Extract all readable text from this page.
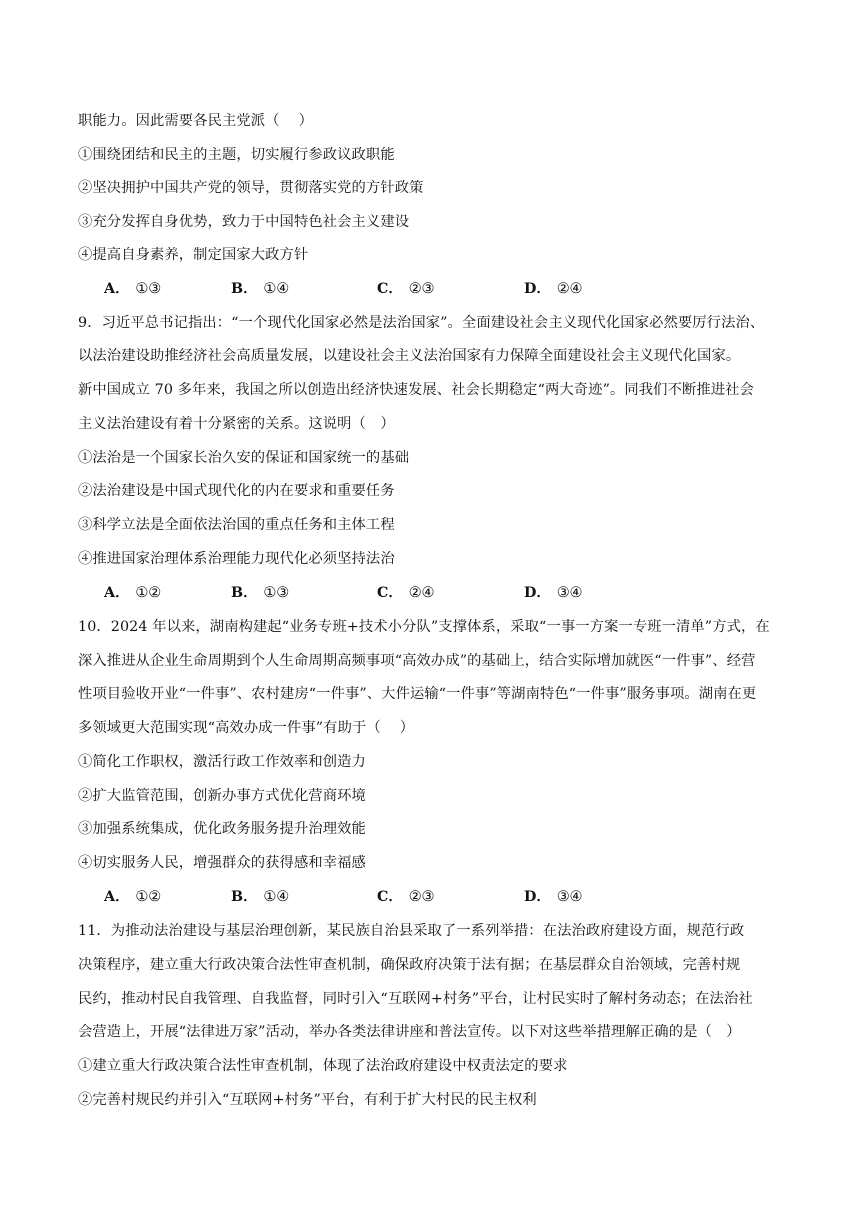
职能力。因此需要各民主党派（　 ）
①围绕团结和民主的主题，切实履行参政议政职能
②坚决拥护中国共产党的领导，贯彻落实党的方针政策
③充分发挥自身优势，致力于中国特色社会主义建设
④提高自身素养，制定国家大政方针
A． ①③	B． ①④	C． ②③	D． ②④
9．习近平总书记指出：“一个现代化国家必然是法治国家”。全面建设社会主义现代化国家必然要厉行法治、
以法治建设助推经济社会高质量发展，以建设社会主义法治国家有力保障全面建设社会主义现代化国家。
新中国成立 70 多年来，我国之所以创造出经济快速发展、社会长期稳定“两大奇迹”。同我们不断推进社会
主义法治建设有着十分紧密的关系。这说明（　）
①法治是一个国家长治久安的保证和国家统一的基础
②法治建设是中国式现代化的内在要求和重要任务
③科学立法是全面依法治国的重点任务和主体工程
④推进国家治理体系治理能力现代化必须坚持法治
A． ①②	B． ①③	C． ②④	D． ③④
10．2024 年以来，湖南构建起“业务专班+技术小分队”支撑体系，采取“一事一方案一专班一清单”方式，在
深入推进从企业生命周期到个人生命周期高频事项“高效办成”的基础上，结合实际增加就医“一件事”、经营
性项目验收开业“一件事”、农村建房“一件事”、大件运输“一件事”等湖南特色“一件事”服务事项。湖南在更
多领域更大范围实现“高效办成一件事”有助于（　 ）
①简化工作职权，激活行政工作效率和创造力
②扩大监管范围，创新办事方式优化营商环境
③加强系统集成，优化政务服务提升治理效能
④切实服务人民，增强群众的获得感和幸福感
A． ①②	B． ①④	C． ②③	D． ③④
11．为推动法治建设与基层治理创新，某民族自治县采取了一系列举措：在法治政府建设方面，规范行政
决策程序，建立重大行政决策合法性审查机制，确保政府决策于法有据；在基层群众自治领域，完善村规
民约，推动村民自我管理、自我监督，同时引入“互联网+村务”平台，让村民实时了解村务动态；在法治社
会营造上，开展“法律进万家”活动，举办各类法律讲座和普法宣传。以下对这些举措理解正确的是（　）
①建立重大行政决策合法性审查机制，体现了法治政府建设中权责法定的要求
②完善村规民约并引入“互联网+村务”平台，有利于扩大村民的民主权利
